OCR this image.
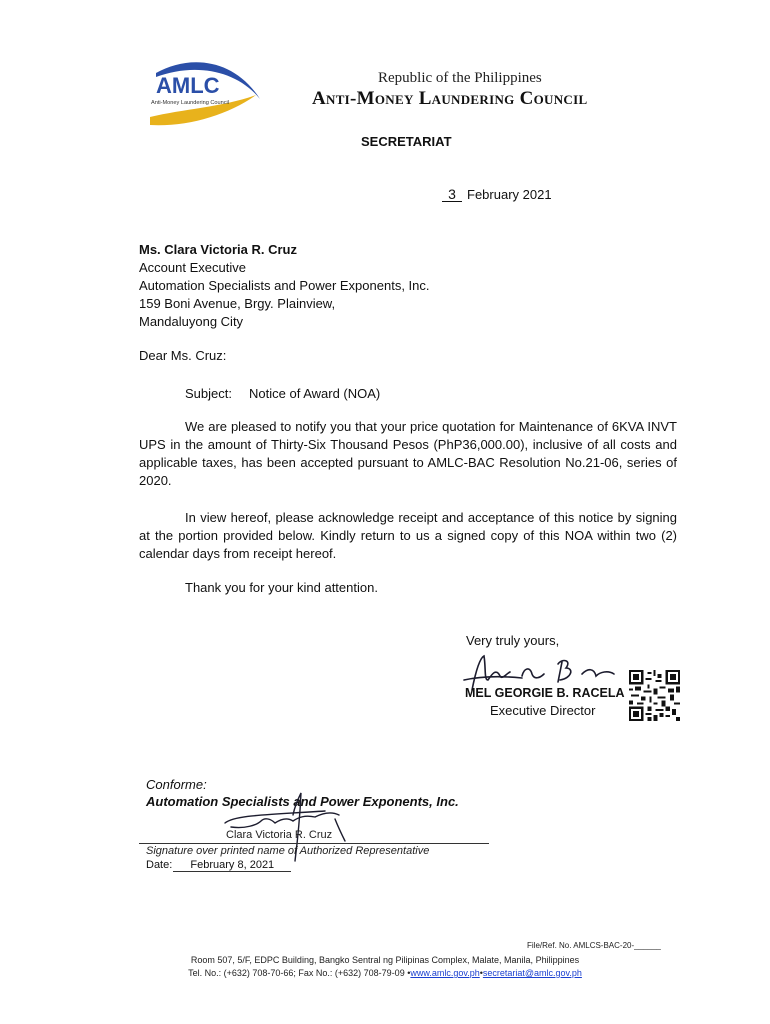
AMLC
Anti-Money Laundering Council
Republic of the Philippines
Anti-Money Laundering Council
SECRETARIAT
3 February 2021
Ms. Clara Victoria R. Cruz
Account Executive
Automation Specialists and Power Exponents, Inc.
159 Boni Avenue, Brgy. Plainview,
Mandaluyong City
Dear Ms. Cruz:
Subject: Notice of Award (NOA)
We are pleased to notify you that your price quotation for Maintenance of 6KVA INVT UPS in the amount of Thirty-Six Thousand Pesos (PhP36,000.00), inclusive of all costs and applicable taxes, has been accepted pursuant to AMLC-BAC Resolution No.21-06, series of 2020.
In view hereof, please acknowledge receipt and acceptance of this notice by signing at the portion provided below. Kindly return to us a signed copy of this NOA within two (2) calendar days from receipt hereof.
Thank you for your kind attention.
Very truly yours,
MEL GEORGIE B. RACELA
Executive Director
Conforme:
Automation Specialists and Power Exponents, Inc.
Clara Victoria R. Cruz
Signature over printed name of Authorized Representative
Date: February 8, 2021
File/Ref. No. AMLCS-BAC-20-______
Room 507, 5/F, EDPC Building, Bangko Sentral ng Pilipinas Complex, Malate, Manila, Philippines
Tel. No.: (+632) 708-70-66; Fax No.: (+632) 708-79-09 •www.amlc.gov.ph•secretariat@amlc.gov.ph
